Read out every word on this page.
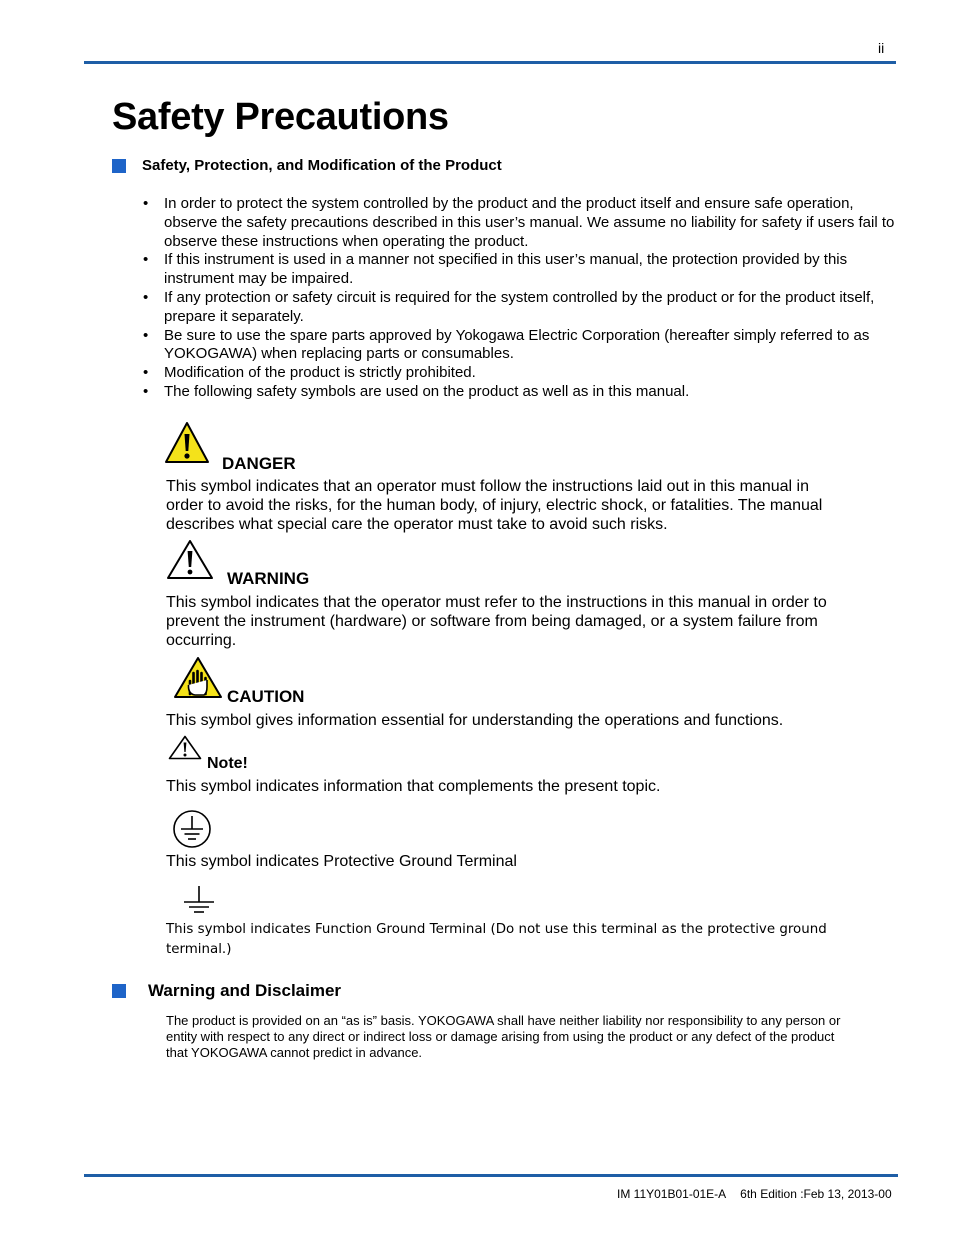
ii
Safety Precautions
Safety, Protection, and Modification of the Product
• In order to protect the system controlled by the product and the product itself and ensure safe operation, observe the safety precautions described in this user’s manual. We assume no liability for safety if users fail to observe these instructions when operating the product.
• If this instrument is used in a manner not specified in this user’s manual, the protection provided by this instrument may be impaired.
• If any protection or safety circuit is required for the system controlled by the product or for the product itself, prepare it separately.
• Be sure to use the spare parts approved by Yokogawa Electric Corporation (hereafter simply referred to as YOKOGAWA) when replacing parts or consumables.
• Modification of the product is strictly prohibited.
• The following safety symbols are used on the product as well as in this manual.
DANGER
This symbol indicates that an operator must follow the instructions laid out in this manual in order to avoid the risks, for the human body, of injury, electric shock, or fatalities. The manual describes what special care the operator must take to avoid such risks.
WARNING
This symbol indicates that the operator must refer to the instructions in this manual in order to prevent the instrument (hardware) or software from being damaged, or a system failure from occurring.
CAUTION
This symbol gives information essential for understanding the operations and functions.
Note!
This symbol indicates information that complements the present topic.
This symbol indicates Protective Ground Terminal
This symbol indicates Function Ground Terminal (Do not use this terminal as the protective ground terminal.)
Warning and Disclaimer
The product is provided on an “as is” basis. YOKOGAWA shall have neither liability nor responsibility to any person or entity with respect to any direct or indirect loss or damage arising from using the product or any defect of the product that YOKOGAWA cannot predict in advance.
IM 11Y01B01-01E-A 6th Edition :Feb 13, 2013-00
